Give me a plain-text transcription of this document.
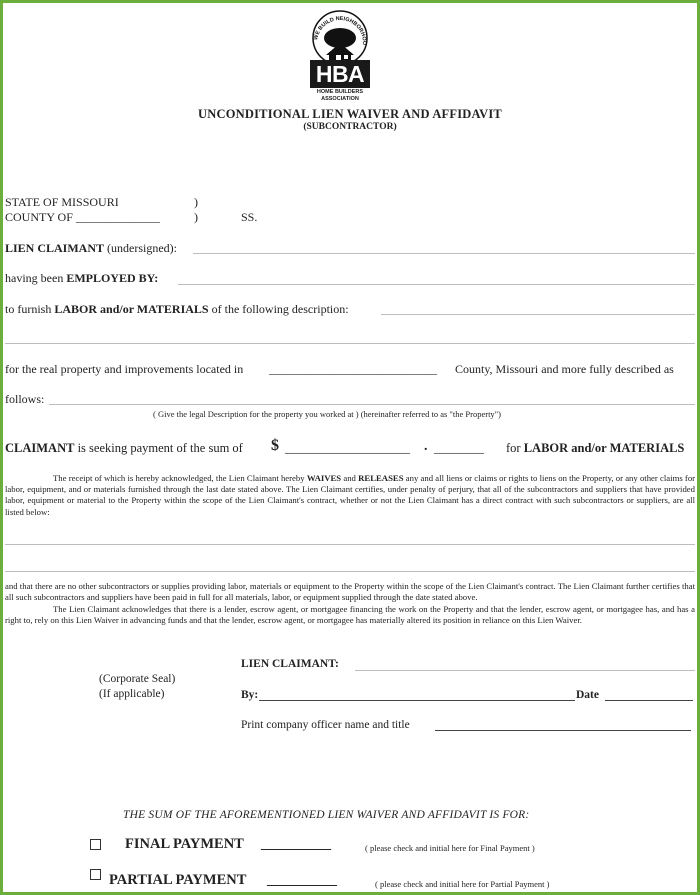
WE BUILD NEIGHBORHOO
HBA
HOME BUILDERS
ASSOCIATION
UNCONDITIONAL LIEN WAIVER AND AFFIDAVIT
(SUBCONTRACTOR)
STATE OF MISSOURI	)
COUNTY OF ______________	)	SS.
LIEN CLAIMANT (undersigned):
having been EMPLOYED BY:
to furnish LABOR and/or MATERIALS of the following description:
for the real property and improvements located in ____________________________ County, Missouri and more fully described as
follows:
( Give the legal Description for the property you worked at ) (hereinafter referred to as "the Property")
CLAIMANT is seeking payment of the sum of $ ____________________ . ________ for LABOR and/or MATERIALS
The receipt of which is hereby acknowledged, the Lien Claimant hereby WAIVES and RELEASES any and all liens or claims or rights to liens on the Property, or any other claims for labor, equipment, and or materials furnished through the last date stated above. The Lien Claimant certifies, under penalty of perjury, that all of the subcontractors and suppliers that have provided labor, equipment or material to the Property within the scope of the Lien Claimant's contract, whether or not the Lien Claimant has a direct contract with such subcontractors or suppliers, are all listed below:
and that there are no other subcontractors or supplies providing labor, materials or equipment to the Property within the scope of the Lien Claimant's contract. The Lien Claimant further certifies that all such subcontractors and suppliers have been paid in full for all materials, labor, or equipment supplied through the date stated above.
The Lien Claimant acknowledges that there is a lender, escrow agent, or mortgagee financing the work on the Property and that the lender, escrow agent, or mortgagee has, and has a right to, rely on this Lien Waiver in advancing funds and that the lender, escrow agent, or mortgagee has materially altered its position in reliance on this Lien Waiver.
(Corporate Seal)
(If applicable)
LIEN CLAIMANT:
By:	Date
Print company officer name and title
THE SUM OF THE AFOREMENTIONED LIEN WAIVER AND AFFIDAVIT IS FOR:
FINAL PAYMENT __________	( please check and initial here for Final Payment )
PARTIAL PAYMENT __________	( please check and initial here for Partial Payment )
